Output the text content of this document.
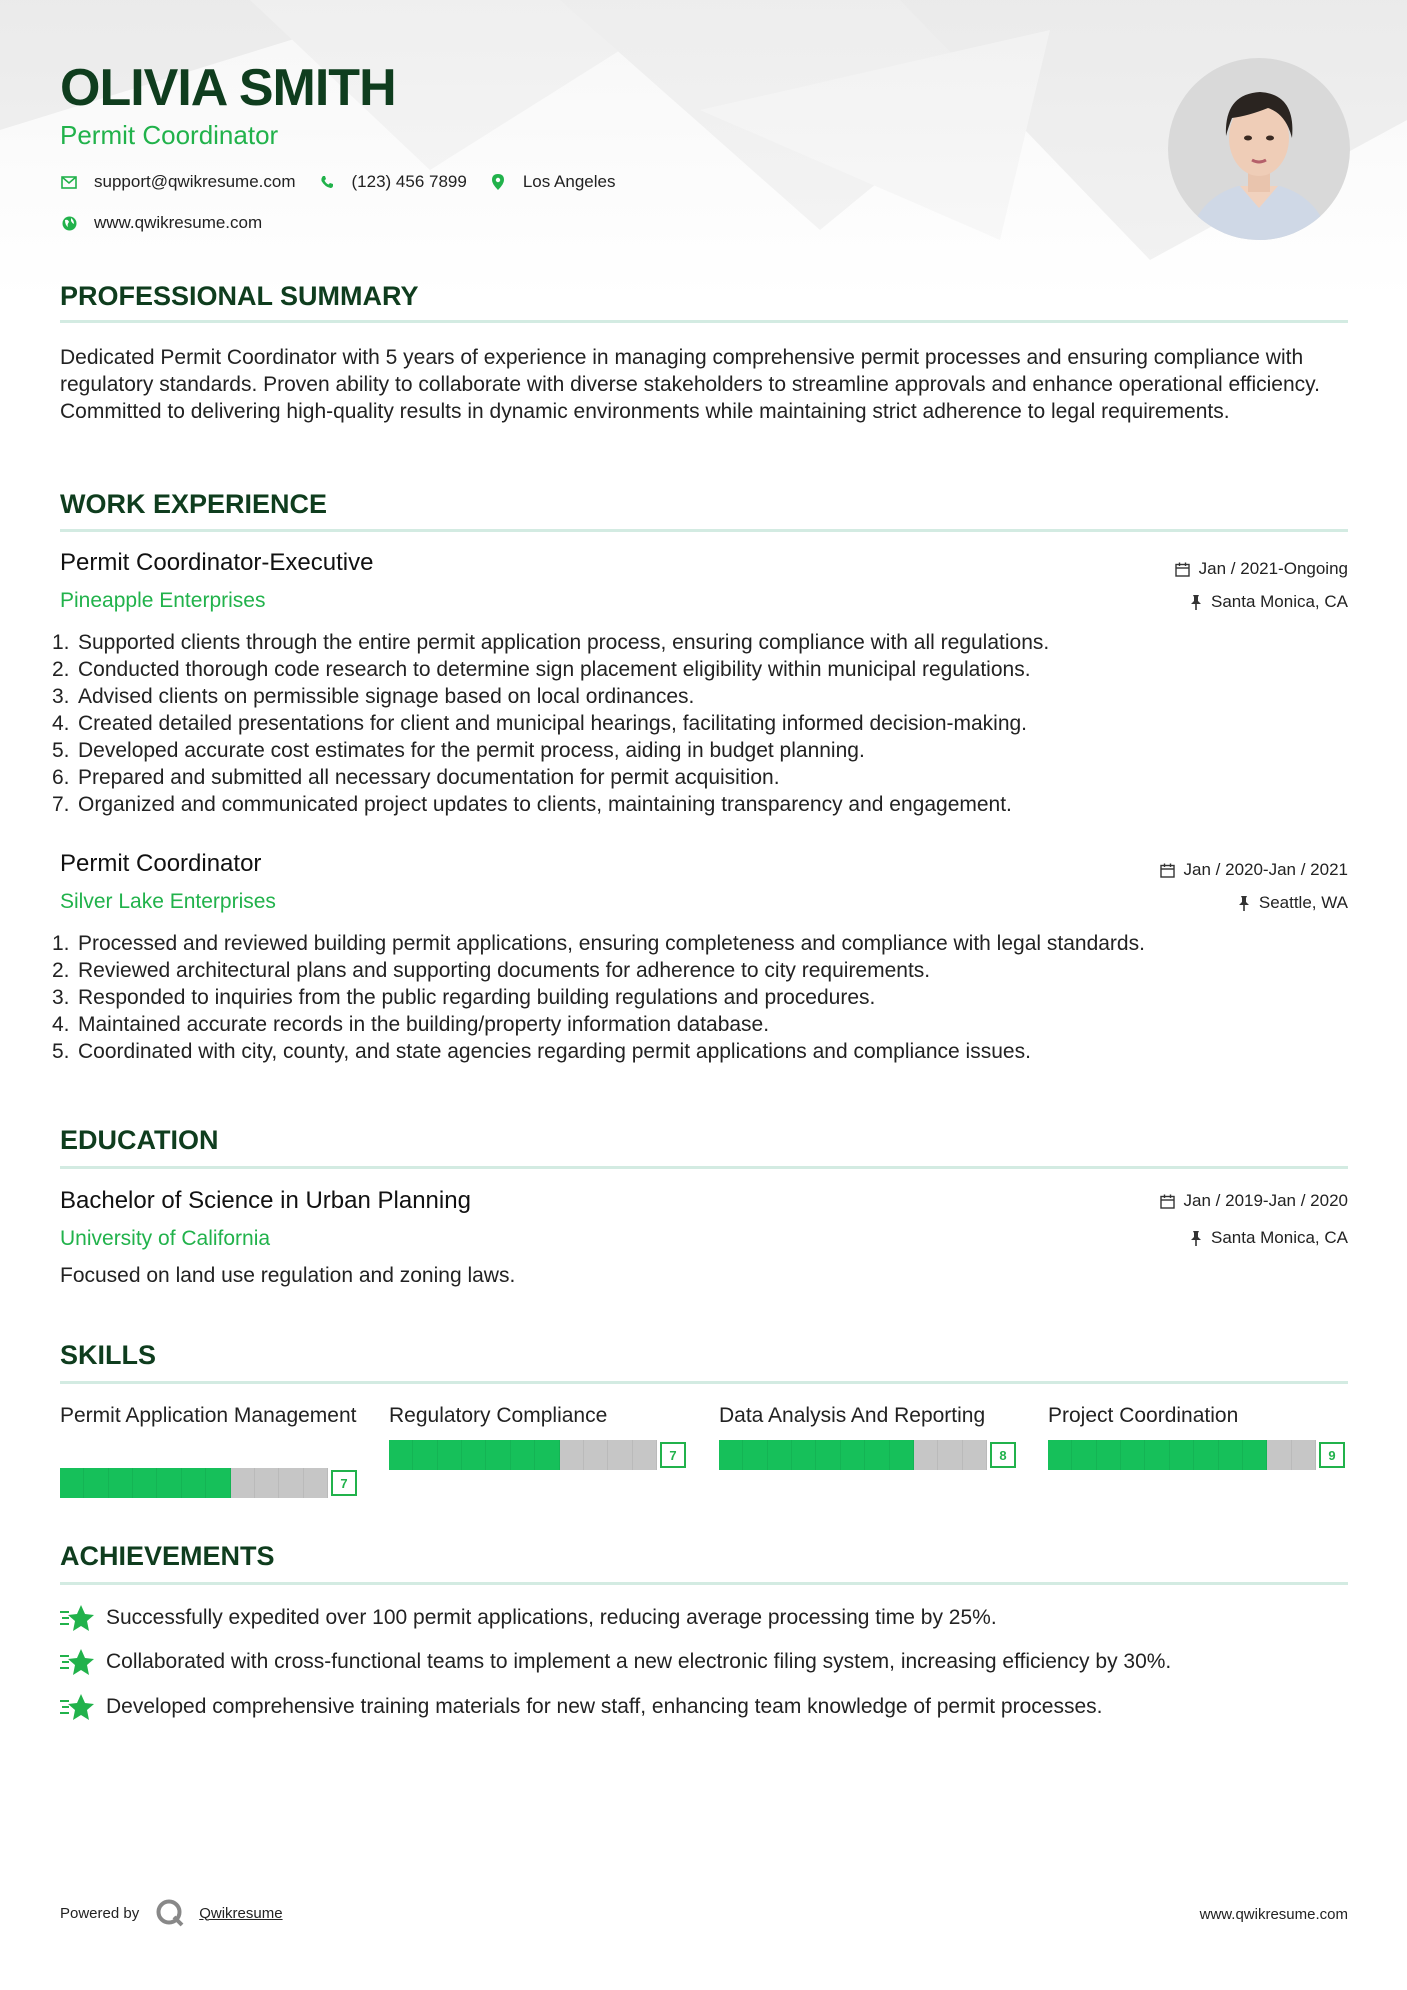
OLIVIA SMITH
Permit Coordinator
support@qwikresume.com	(123) 456 7899	Los Angeles
www.qwikresume.com
PROFESSIONAL SUMMARY

Dedicated Permit Coordinator with 5 years of experience in managing comprehensive permit processes and ensuring compliance with regulatory standards. Proven ability to collaborate with diverse stakeholders to streamline approvals and enhance operational efficiency. Committed to delivering high-quality results in dynamic environments while maintaining strict adherence to legal requirements.

WORK EXPERIENCE
Permit Coordinator-Executive
Pineapple Enterprises
Jan / 2021-Ongoing
Santa Monica, CA
1. Supported clients through the entire permit application process, ensuring compliance with all regulations.
2. Conducted thorough code research to determine sign placement eligibility within municipal regulations.
3. Advised clients on permissible signage based on local ordinances.
4. Created detailed presentations for client and municipal hearings, facilitating informed decision-making.
5. Developed accurate cost estimates for the permit process, aiding in budget planning.
6. Prepared and submitted all necessary documentation for permit acquisition.
7. Organized and communicated project updates to clients, maintaining transparency and engagement.
Permit Coordinator
Silver Lake Enterprises
Jan / 2020-Jan / 2021
Seattle, WA
1. Processed and reviewed building permit applications, ensuring completeness and compliance with legal standards.
2. Reviewed architectural plans and supporting documents for adherence to city requirements.
3. Responded to inquiries from the public regarding building regulations and procedures.
4. Maintained accurate records in the building/property information database.
5. Coordinated with city, county, and state agencies regarding permit applications and compliance issues.
EDUCATION
Bachelor of Science in Urban Planning
University of California
Jan / 2019-Jan / 2020
Santa Monica, CA

Focused on land use regulation and zoning laws.

SKILLS
Permit Application Management
7
Regulatory Compliance
7
Data Analysis And Reporting
8
Project Coordination
9
ACHIEVEMENTS
Successfully expedited over 100 permit applications, reducing average processing time by 25%.
Collaborated with cross-functional teams to implement a new electronic filing system, increasing efficiency by 30%.
Developed comprehensive training materials for new staff, enhancing team knowledge of permit processes.
Powered by	Qwikresume	www.qwikresume.com
